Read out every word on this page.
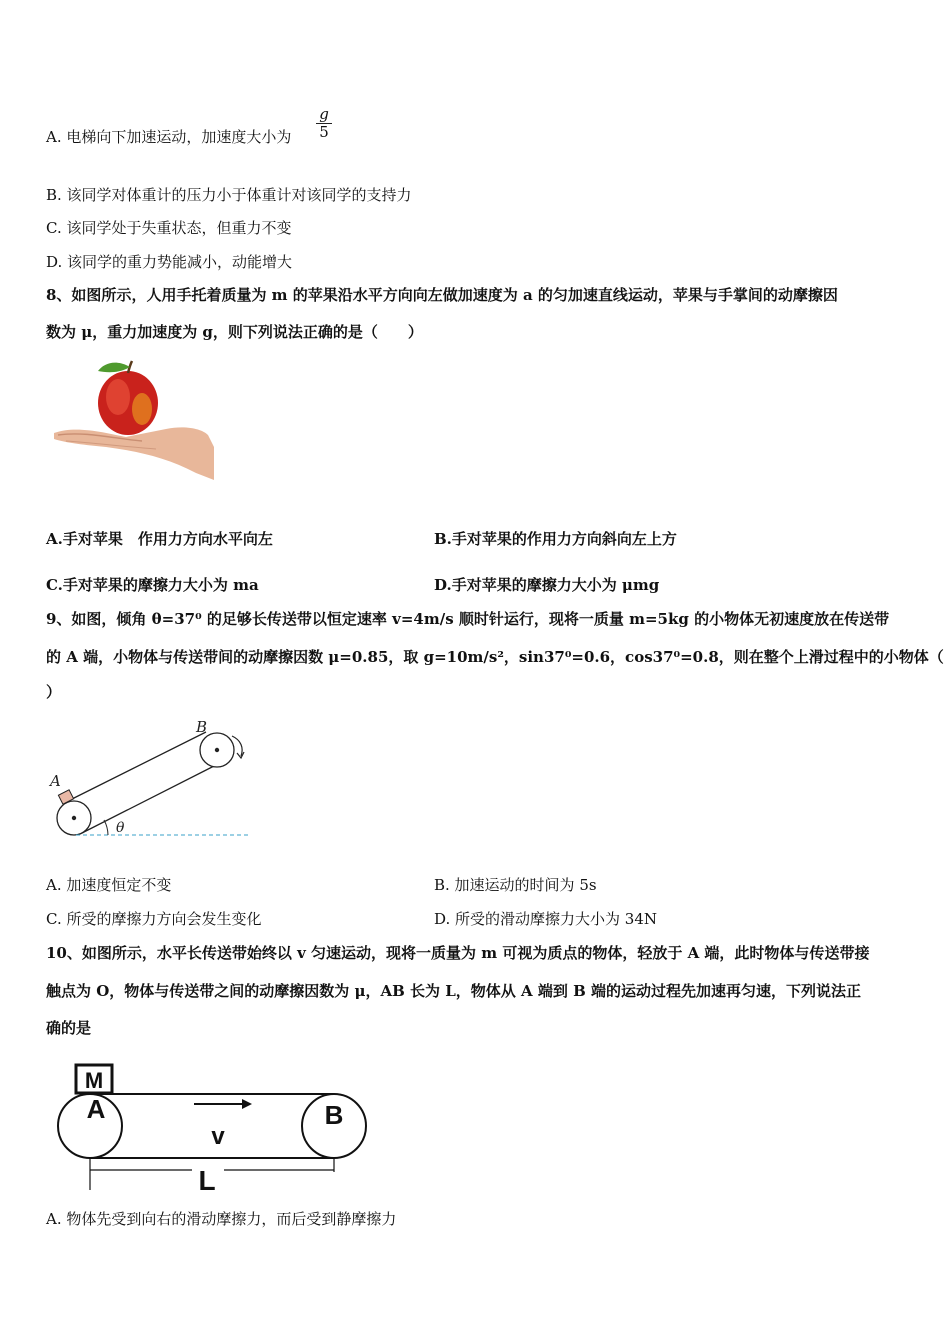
A. 电梯向下加速运动，加速度大小为 $\frac{g}{5}$
B. 该同学对体重计的压力小于体重计对该同学的支持力
C. 该同学处于失重状态，但重力不变
D. 该同学的重力势能减小，动能增大
8、如图所示，人用手托着质量为 m 的苹果沿水平方向向左做加速度为 a 的匀加速直线运动，苹果与手掌间的动摩擦因
数为 μ，重力加速度为 g，则下列说法正确的是（　　）
A.手对苹果　作用力方向水平向左	B.手对苹果的作用力方向斜向左上方
C.手对苹果的摩擦力大小为 ma	D.手对苹果的摩擦力大小为 μmg
9、如图，倾角 θ=37⁰ 的足够长传送带以恒定速率 v=4m/s 顺时针运行，现将一质量 m=5kg 的小物体无初速度放在传送带
的 A 端，小物体与传送带间的动摩擦因数 μ=0.85，取 g=10m/s²，sin37⁰=0.6，cos37⁰=0.8，则在整个上滑过程中的小物体（
）
A
B
θ
A. 加速度恒定不变	B. 加速运动的时间为 5s
C. 所受的摩擦力方向会发生变化	D. 所受的滑动摩擦力大小为 34N
10、如图所示，水平长传送带始终以 v 匀速运动，现将一质量为 m 可视为质点的物体，轻放于 A 端，此时物体与传送带接
触点为 O，物体与传送带之间的动摩擦因数为 μ，AB 长为 L，物体从 A 端到 B 端的运动过程先加速再匀速，下列说法正
确的是
M
A	B
v
L
A. 物体先受到向右的滑动摩擦力，而后受到静摩擦力
